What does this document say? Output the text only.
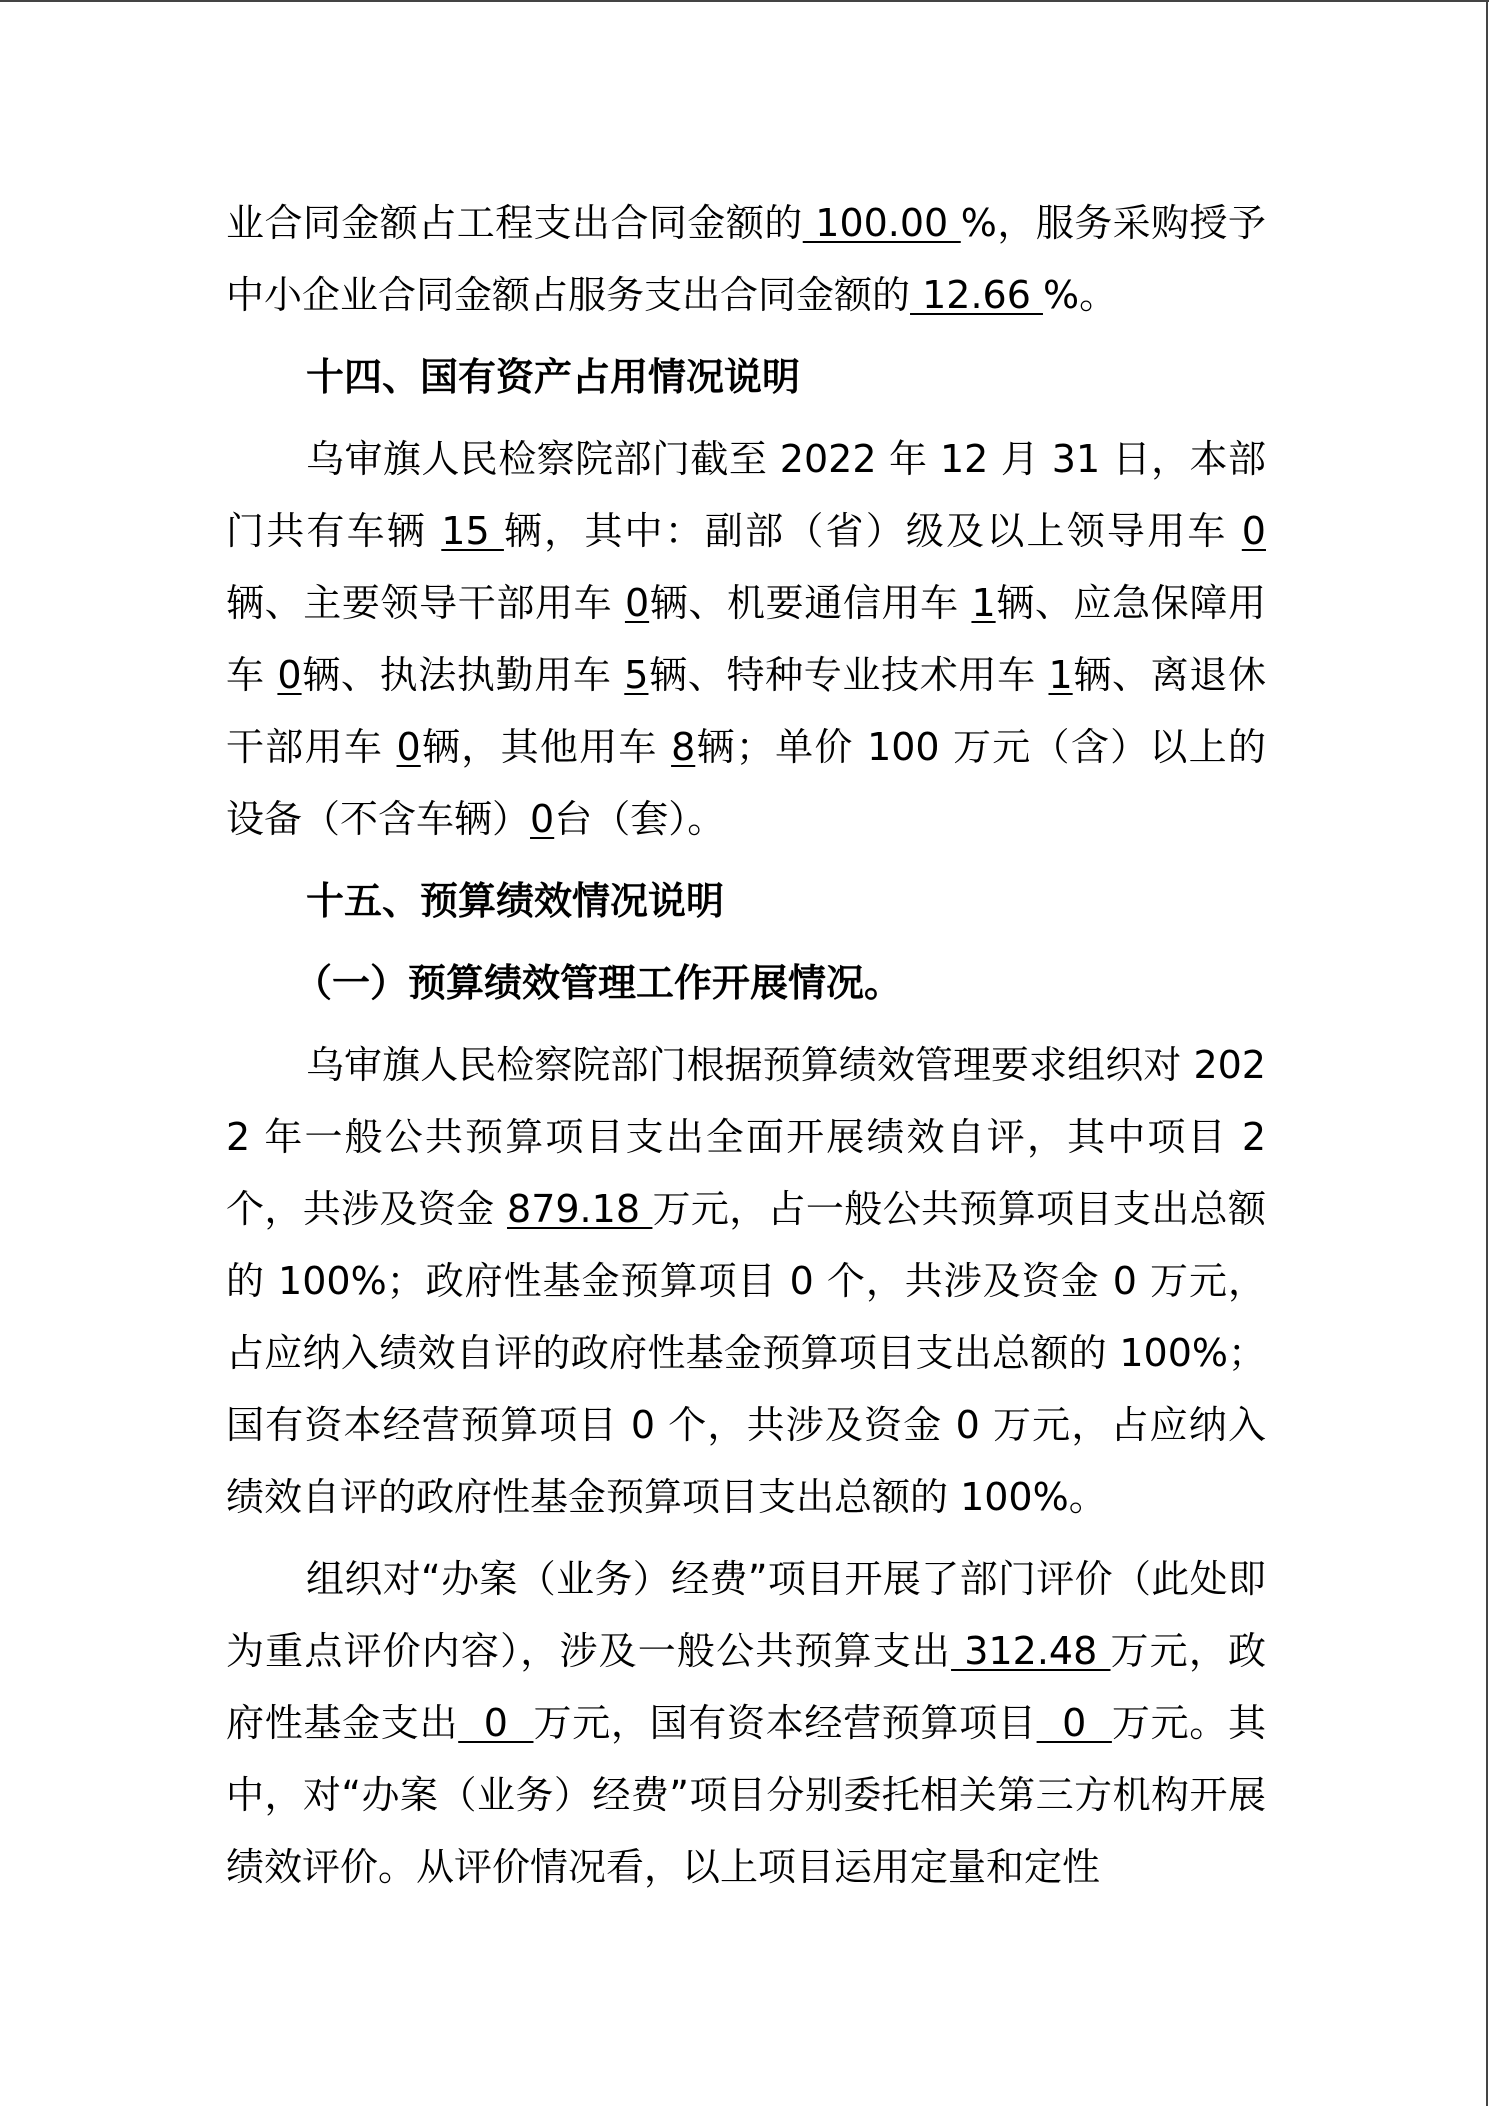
业合同金额占工程支出合同金额的 100.00 %，服务采购授予中小企业合同金额占服务支出合同金额的 12.66 %。

十四、国有资产占用情况说明

乌审旗人民检察院部门截至 2022 年 12 月 31 日，本部门共有车辆 15 辆，其中：副部（省）级及以上领导用车 0辆、主要领导干部用车 0辆、机要通信用车 1辆、应急保障用车 0辆、执法执勤用车 5辆、特种专业技术用车 1辆、离退休干部用车 0辆，其他用车 8辆；单价 100 万元（含）以上的设备（不含车辆）0台（套）。

十五、预算绩效情况说明

（一）预算绩效管理工作开展情况。

乌审旗人民检察院部门根据预算绩效管理要求组织对 2022 年一般公共预算项目支出全面开展绩效自评，其中项目 2 个，共涉及资金 879.18 万元，占一般公共预算项目支出总额的 100%；政府性基金预算项目 0 个，共涉及资金 0 万元，占应纳入绩效自评的政府性基金预算项目支出总额的 100%；国有资本经营预算项目 0 个，共涉及资金 0 万元，占应纳入绩效自评的政府性基金预算项目支出总额的 100%。

组织对“办案（业务）经费”项目开展了部门评价（此处即为重点评价内容），涉及一般公共预算支出 312.48 万元，政府性基金支出  0  万元，国有资本经营预算项目  0  万元。其中，对“办案（业务）经费”项目分别委托相关第三方机构开展绩效评价。从评价情况看，以上项目运用定量和定性
